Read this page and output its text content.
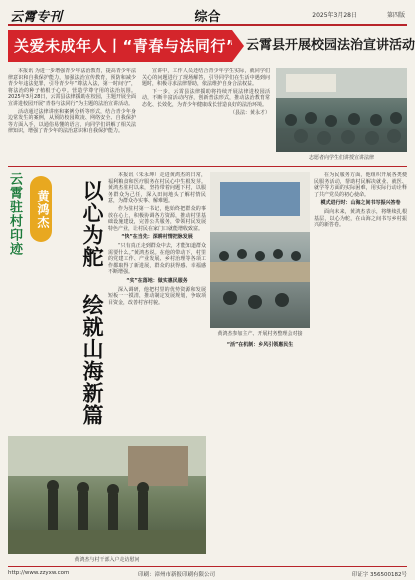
云霄专刊	综合	2025年3月28日	第四版
关爱未成年人丨“青春与法同行” 云霄县开展校园法治宣讲活动

本报讯 为进一步增强青少年法治教育，提高青少年法律意识和自我保护能力，加强法治宣传教育，预防和减少青少年违法犯罪，引导青少年“尊法入法，第一时间守”，将法治的种子植根于心中。营造学尊守用的法治氛围。2025年3月28日，云霄县法律援助在校园，主题开展全面宣讲进校园开展“青春与法同行”为主题的法治宣讲活动。

活动通过法律讲座和案例分析等形式，结合青少年身边常发生的案例，从预防校园欺凌、网络安全、自我保护等方面入手，以通俗易懂的语言，向同学们讲解了相关法律知识，增强了青少年的法治意识和自我保护能力。

宣讲中，工作人员还结合青少年学生实际，就同学们关心的问题进行了现场解答，引导同学们在生活中遇到问题时，积极寻求法律帮助，依法维护自身合法权益。

下一步，云霄县法律援助将持续开展法律进校园活动，不断丰富活动内容，创新普法形式，推动法治教育常态化、长效化，为青少年健康成长营造良好的法治环境。

（县法：黄永才）

志愿者向学生们讲授宣讲法律
云霄驻村印迹	黄鸿杰	以心为舵 绘就山海新篇

本报讯（朱永坤）走进黄鸿杰的日常，福利粮食和医疗服务在村民心中生根发芽。黄鸿杰驻村以来，坚持带着问题下村，以服务群众为己任，深入田间地头了解村情民意，为群众办实事、解难题。

作为驻村第一书记，他始终把群众的事放在心上，积极协调各方资源，推动村里基础设施建设，完善公共服务，带领村民发展特色产业，让村民在家门口就能增收致富。

“快”在当先：深耕村情把脉发展

“只有真正走到群众中去，才能知道群众需要什么。”黄鸿杰说。在他的带动下，村里的党建工作、产业发展、乡村治理等各项工作都取得了新进展，群众的获得感、幸福感不断增强。

“实”在落地：做实惠民服务

深入调研，他把村里的优势资源和发展短板一一摸清，推动制定发展规划，争取项目资金，改善村容村貌。

黄鸿杰参加主产、开展村务整理会对接

在为民服务方面，他组织开展各类便民服务活动，帮助村民解决就业、就医、就学等方面的实际困难，用实际行动诠释了共产党员的初心使命。

模式进行时：山海之间书写振兴答卷

面向未来，黄鸿杰表示，将继续扎根基层，以心为舵，在山海之间书写乡村振兴的新答卷。

“活”在机制：乡风引领惠民生
黄鸿杰与村干部入户走访慰问
http://www.zzyxw.com	印刷：漳州市新报印刷有限公司	印证字 356500182号
